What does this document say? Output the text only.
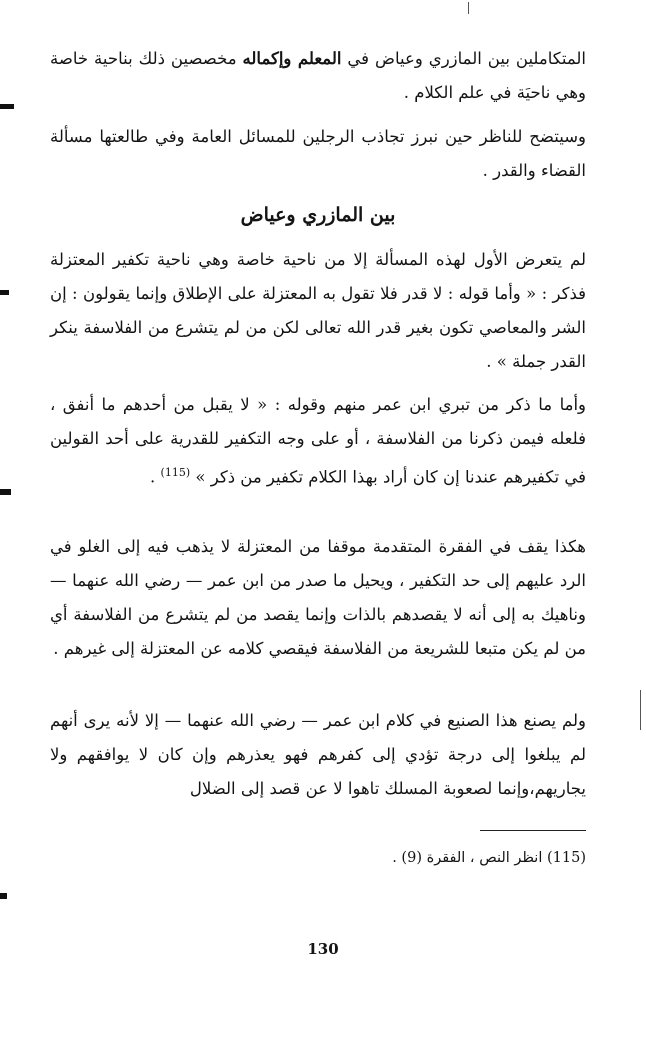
المتكاملين بين المازري وعياض في المعلم وإكماله مخصصين ذلك بناحية خاصة وهي ناحيَة في علم الكلام .

وسيتضح للناظر حين نبرز تجاذب الرجلين للمسائل العامة وفي طالعتها مسألة القضاء والقدر .

بين المازري وعياض

لم يتعرض الأول لهذه المسألة إلا من ناحية خاصة وهي ناحية تكفير المعتزلة فذكر : « وأما قوله : لا قدر فلا تقول به المعتزلة على الإطلاق وإنما يقولون : إن الشر والمعاصي تكون بغير قدر الله تعالى لكن من لم يتشرع من الفلاسفة ينكر القدر جملة » .

وأما ما ذكر من تبري ابن عمر منهم وقوله : « لا يقبل من أحدهم ما أنفق ، فلعله فيمن ذكرنا من الفلاسفة ، أو على وجه التكفير للقدرية على أحد القولين في تكفيرهم عندنا إن كان أراد بهذا الكلام تكفير من ذكر » $^{(115)}$ .

هكذا يقف في الفقرة المتقدمة موقفا من المعتزلة لا يذهب فيه إلى الغلو في الرد عليهم إلى حد التكفير ، ويحيل ما صدر من ابن عمر — رضي الله عنهما — وناهيك به إلى أنه لا يقصدهم بالذات وإنما يقصد من لم يتشرع من الفلاسفة أي من لم يكن متبعا للشريعة من الفلاسفة فيقصي كلامه عن المعتزلة إلى غيرهم .

ولم يصنع هذا الصنيع في كلام ابن عمر — رضي الله عنهما — إلا لأنه يرى أنهم لم يبلغوا إلى درجة تؤدي إلى كفرهم فهو يعذرهم وإن كان لا يوافقهم ولا يجاريهم،وإنما لصعوبة المسلك تاهوا لا عن قصد إلى الضلال

(115) انظر النص ، الفقرة (9) .

130
